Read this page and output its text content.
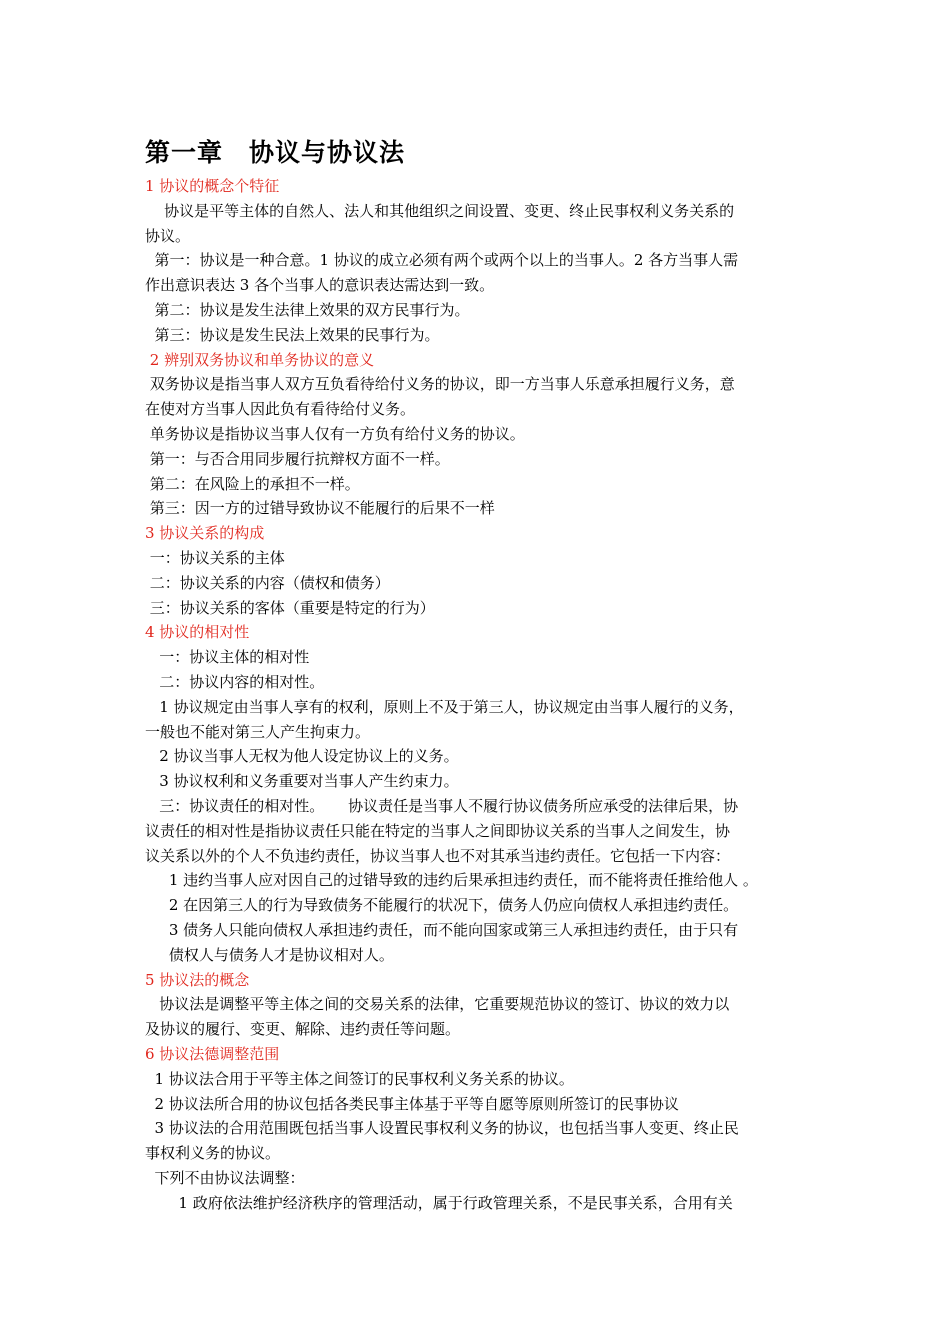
第一章　协议与协议法
1 协议的概念个特征
协议是平等主体的自然人、法人和其他组织之间设置、变更、终止民事权利义务关系的
协议。
第一：协议是一种合意。1 协议的成立必须有两个或两个以上的当事人。2 各方当事人需
作出意识表达 3 各个当事人的意识表达需达到一致。
第二：协议是发生法律上效果的双方民事行为。
第三：协议是发生民法上效果的民事行为。
2 辨别双务协议和单务协议的意义
双务协议是指当事人双方互负看待给付义务的协议，即一方当事人乐意承担履行义务，意
在使对方当事人因此负有看待给付义务。
单务协议是指协议当事人仅有一方负有给付义务的协议。
第一：与否合用同步履行抗辩权方面不一样。
第二：在风险上的承担不一样。
第三：因一方的过错导致协议不能履行的后果不一样
3 协议关系的构成
一：协议关系的主体
二：协议关系的内容（债权和债务）
三：协议关系的客体（重要是特定的行为）
4 协议的相对性
一：协议主体的相对性
二：协议内容的相对性。
1 协议规定由当事人享有的权利，原则上不及于第三人，协议规定由当事人履行的义务，
一般也不能对第三人产生拘束力。
2 协议当事人无权为他人设定协议上的义务。
3 协议权利和义务重要对当事人产生约束力。
三：协议责任的相对性。     协议责任是当事人不履行协议债务所应承受的法律后果，协
议责任的相对性是指协议责任只能在特定的当事人之间即协议关系的当事人之间发生，协
议关系以外的个人不负违约责任，协议当事人也不对其承当违约责任。它包括一下内容：
1 违约当事人应对因自己的过错导致的违约后果承担违约责任，而不能将责任推给他人 。
2 在因第三人的行为导致债务不能履行的状况下，债务人仍应向债权人承担违约责任。
3 债务人只能向债权人承担违约责任，而不能向国家或第三人承担违约责任，由于只有
债权人与债务人才是协议相对人。
5 协议法的概念
协议法是调整平等主体之间的交易关系的法律，它重要规范协议的签订、协议的效力以
及协议的履行、变更、解除、违约责任等问题。
6 协议法德调整范围
1 协议法合用于平等主体之间签订的民事权利义务关系的协议。
2 协议法所合用的协议包括各类民事主体基于平等自愿等原则所签订的民事协议
3 协议法的合用范围既包括当事人设置民事权利义务的协议，也包括当事人变更、终止民
事权利义务的协议。
下列不由协议法调整：
1 政府依法维护经济秩序的管理活动，属于行政管理关系，不是民事关系，合用有关
